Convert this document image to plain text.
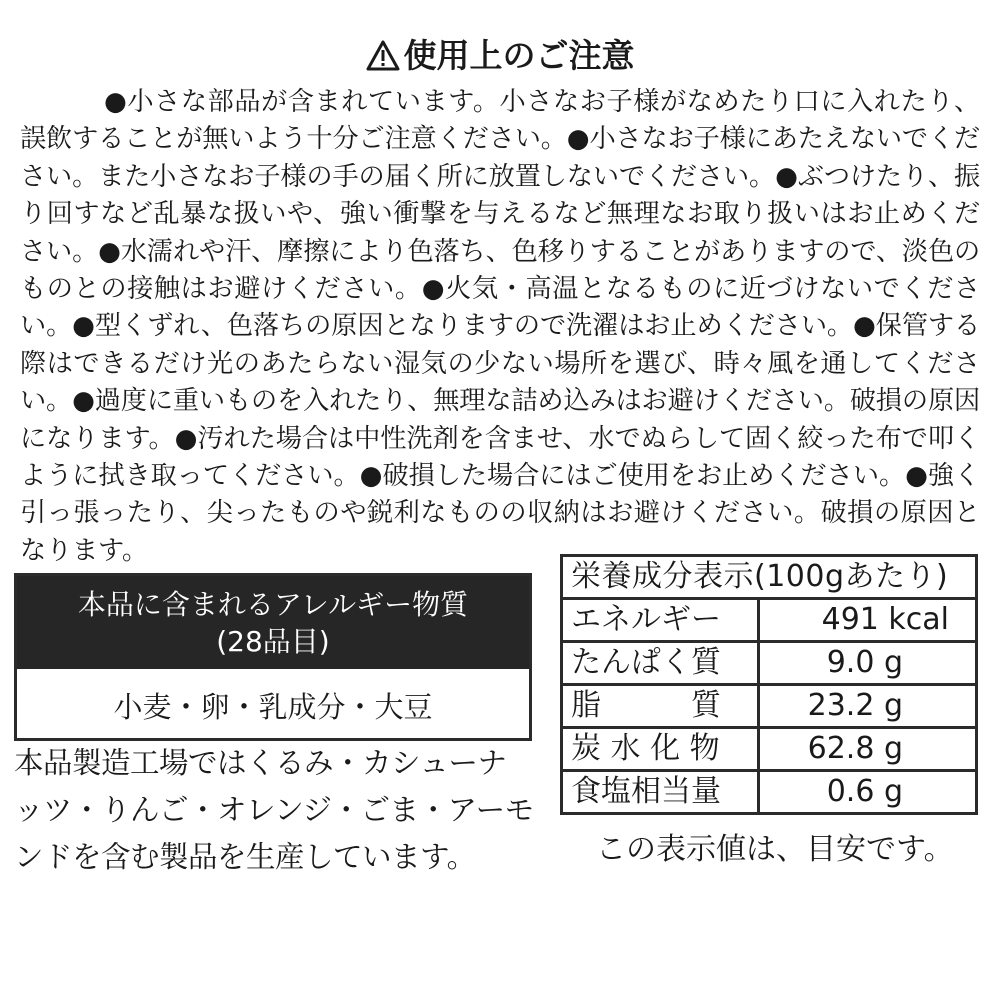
使用上のご注意

●小さな部品が含まれています。小さなお子様がなめたり口に入れたり、誤飲することが無いよう十分ご注意ください。●小さなお子様にあたえないでください。また小さなお子様の手の届く所に放置しないでください。●ぶつけたり、振り回すなど乱暴な扱いや、強い衝撃を与えるなど無理なお取り扱いはお止めください。●水濡れや汗、摩擦により色落ち、色移りすることがありますので、淡色のものとの接触はお避けください。●火気・高温となるものに近づけないでください。●型くずれ、色落ちの原因となりますので洗濯はお止めください。●保管する際はできるだけ光のあたらない湿気の少ない場所を選び、時々風を通してください。●過度に重いものを入れたり、無理な詰め込みはお避けください。破損の原因になります。●汚れた場合は中性洗剤を含ませ、水でぬらして固く絞った布で叩くように拭き取ってください。●破損した場合にはご使用をお止めください。●強く引っ張ったり、尖ったものや鋭利なものの収納はお避けください。破損の原因となります。

本品に含まれるアレルギー物質
(28品目)
小麦・卵・乳成分・大豆

本品製造工場ではくるみ・カシューナッツ・りんご・オレンジ・ごま・アーモンドを含む製品を生産しています。

栄養成分表示(100gあたり)	
エネルギー	491 kcal
たんぱく質	9.0 g
脂　　　質	23.2 g
炭 水 化 物	62.8 g
食塩相当量	0.6 g

この表示値は、目安です。
